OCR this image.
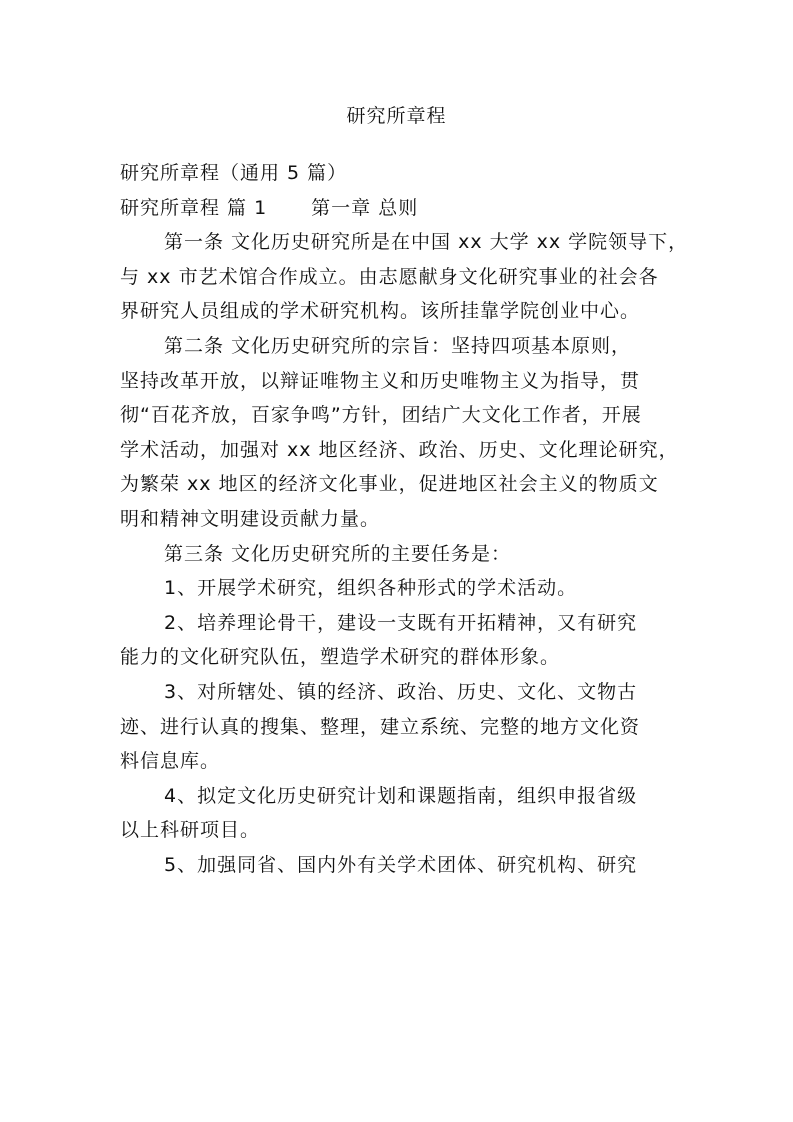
研究所章程

研究所章程（通用 5 篇）

研究所章程 篇 1 第一章 总则

第一条 文化历史研究所是在中国 xx 大学 xx 学院领导下，

与 xx 市艺术馆合作成立。由志愿献身文化研究事业的社会各

界研究人员组成的学术研究机构。该所挂靠学院创业中心。

第二条 文化历史研究所的宗旨：坚持四项基本原则，

坚持改革开放，以辩证唯物主义和历史唯物主义为指导，贯

彻“百花齐放，百家争鸣”方针，团结广大文化工作者，开展

学术活动，加强对 xx 地区经济、政治、历史、文化理论研究，

为繁荣 xx 地区的经济文化事业，促进地区社会主义的物质文

明和精神文明建设贡献力量。

第三条 文化历史研究所的主要任务是：

1、开展学术研究，组织各种形式的学术活动。

2、培养理论骨干，建设一支既有开拓精神，又有研究

能力的文化研究队伍，塑造学术研究的群体形象。

3、对所辖处、镇的经济、政治、历史、文化、文物古

迹、进行认真的搜集、整理，建立系统、完整的地方文化资

料信息库。

4、拟定文化历史研究计划和课题指南，组织申报省级

以上科研项目。

5、加强同省、国内外有关学术团体、研究机构、研究
